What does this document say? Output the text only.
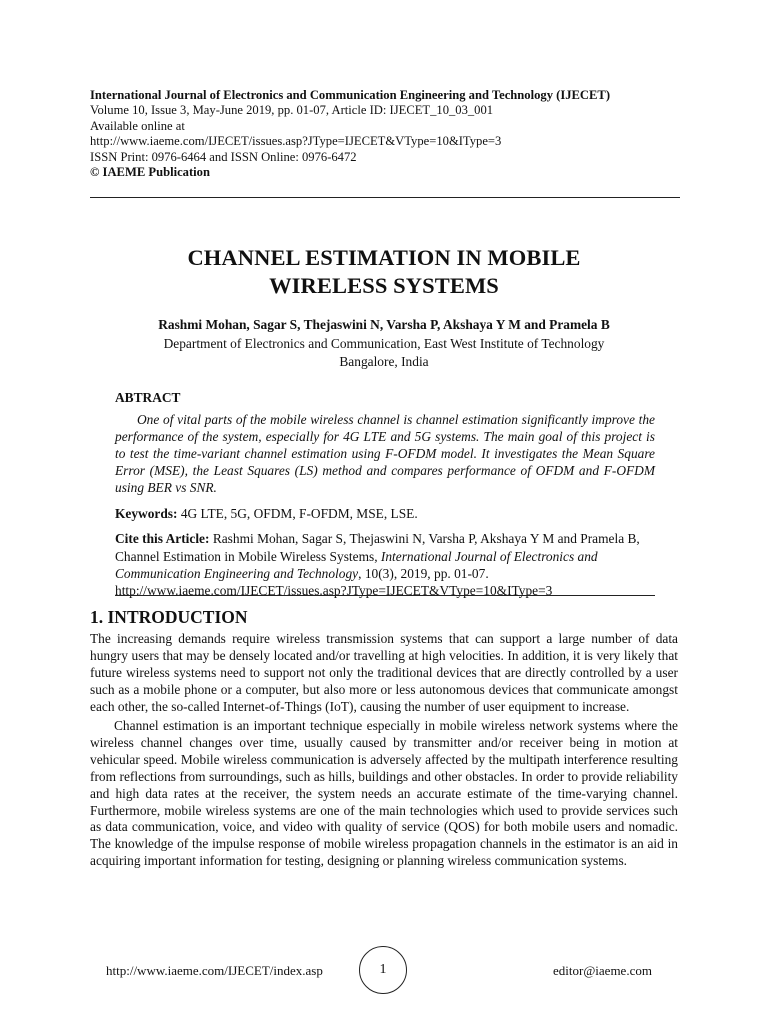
International Journal of Electronics and Communication Engineering and Technology (IJECET)
Volume 10, Issue 3, May-June 2019, pp. 01-07, Article ID: IJECET_10_03_001
Available online at
http://www.iaeme.com/IJECET/issues.asp?JType=IJECET&VType=10&IType=3
ISSN Print: 0976-6464 and ISSN Online: 0976-6472
© IAEME Publication
CHANNEL ESTIMATION IN MOBILE
WIRELESS SYSTEMS
Rashmi Mohan, Sagar S, Thejaswini N, Varsha P, Akshaya Y M and Pramela B
Department of Electronics and Communication, East West Institute of Technology
Bangalore, India
ABTRACT

One of vital parts of the mobile wireless channel is channel estimation significantly improve the performance of the system, especially for 4G LTE and 5G systems. The main goal of this project is to test the time-variant channel estimation using F-OFDM model. It investigates the Mean Square Error (MSE), the Least Squares (LS) method and compares performance of OFDM and F-OFDM using BER vs SNR.

Keywords: 4G LTE, 5G, OFDM, F-OFDM, MSE, LSE.
Cite this Article: Rashmi Mohan, Sagar S, Thejaswini N, Varsha P, Akshaya Y M and Pramela B, Channel Estimation in Mobile Wireless Systems, International Journal of Electronics and Communication Engineering and Technology, 10(3), 2019, pp. 01-07. http://www.iaeme.com/IJECET/issues.asp?JType=IJECET&VType=10&IType=3
1. INTRODUCTION

The increasing demands require wireless transmission systems that can support a large number of data hungry users that may be densely located and/or travelling at high velocities. In addition, it is very likely that future wireless systems need to support not only the traditional devices that are directly controlled by a user such as a mobile phone or a computer, but also more or less autonomous devices that communicate amongst each other, the so-called Internet-of-Things (IoT), causing the number of user equipment to increase.

Channel estimation is an important technique especially in mobile wireless network systems where the wireless channel changes over time, usually caused by transmitter and/or receiver being in motion at vehicular speed. Mobile wireless communication is adversely affected by the multipath interference resulting from reflections from surroundings, such as hills, buildings and other obstacles. In order to provide reliability and high data rates at the receiver, the system needs an accurate estimate of the time-varying channel. Furthermore, mobile wireless systems are one of the main technologies which used to provide services such as data communication, voice, and video with quality of service (QOS) for both mobile users and nomadic. The knowledge of the impulse response of mobile wireless propagation channels in the estimator is an aid in acquiring important information for testing, designing or planning wireless communication systems.

http://www.iaeme.com/IJECET/index.asp	1	editor@iaeme.com
